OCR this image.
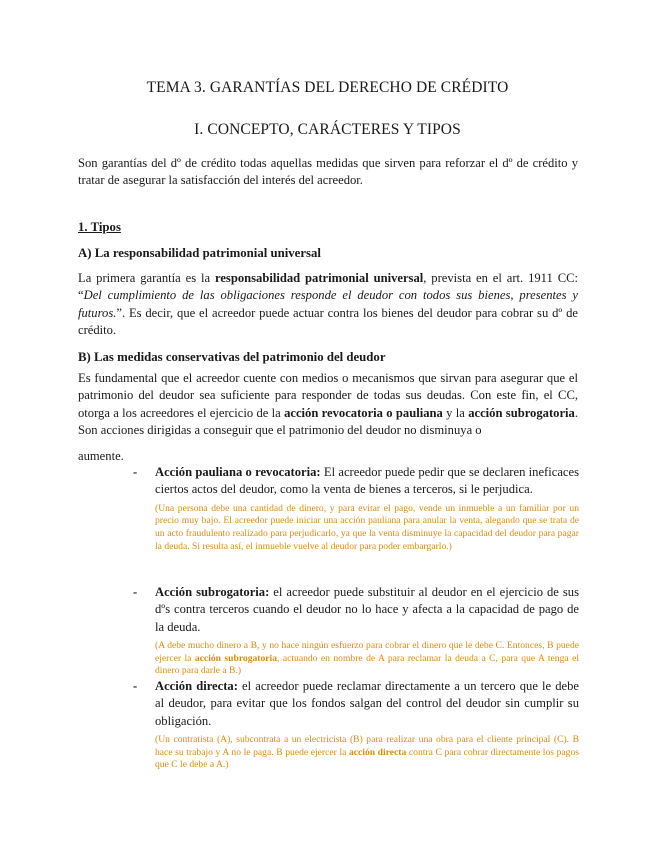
TEMA 3. GARANTÍAS DEL DERECHO DE CRÉDITO
I. CONCEPTO, CARÁCTERES Y TIPOS
Son garantías del dº de crédito todas aquellas medidas que sirven para reforzar el dº de crédito y tratar de asegurar la satisfacción del interés del acreedor.
1. Tipos
A) La responsabilidad patrimonial universal
La primera garantía es la responsabilidad patrimonial universal, prevista en el art. 1911 CC: “Del cumplimiento de las obligaciones responde el deudor con todos sus bienes, presentes y futuros.”. Es decir, que el acreedor puede actuar contra los bienes del deudor para cobrar su dº de crédito.
B) Las medidas conservativas del patrimonio del deudor
Es fundamental que el acreedor cuente con medios o mecanismos que sirvan para asegurar que el patrimonio del deudor sea suficiente para responder de todas sus deudas. Con este fin, el CC, otorga a los acreedores el ejercicio de la acción revocatoria o pauliana y la acción subrogatoria. Son acciones dirigidas a conseguir que el patrimonio del deudor no disminuya o
aumente.
- Acción pauliana o revocatoria: El acreedor puede pedir que se declaren ineficaces ciertos actos del deudor, como la venta de bienes a terceros, si le perjudica.
(Una persona debe una cantidad de dinero, y para evitar el pago, vende un inmueble a un familiar por un precio muy bajo. El acreedor puede iniciar una acción pauliana para anular la venta, alegando que se trata de un acto fraudulento realizado para perjudicarlo, ya que la venta disminuye la capacidad del deudor para pagar la deuda. Si resulta así, el inmueble vuelve al deudor para poder embargarlo.)
- Acción subrogatoria: el acreedor puede substituir al deudor en el ejercicio de sus dºs contra terceros cuando el deudor no lo hace y afecta a la capacidad de pago de la deuda.
(A debe mucho dinero a B, y no hace ningún esfuerzo para cobrar el dinero que le debe C. Entonces, B puede ejercer la acción subrogatoria, actuando en nombre de A para reclamar la deuda a C, para que A tenga el dinero para darle a B.)
- Acción directa: el acreedor puede reclamar directamente a un tercero que le debe al deudor, para evitar que los fondos salgan del control del deudor sin cumplir su obligación.
(Un contratista (A), subcontrata a un electricista (B) para realizar una obra para el cliente principal (C). B hace su trabajo y A no le paga. B puede ejercer la acción directa contra C para cobrar directamente los pagos que C le debe a A.)
